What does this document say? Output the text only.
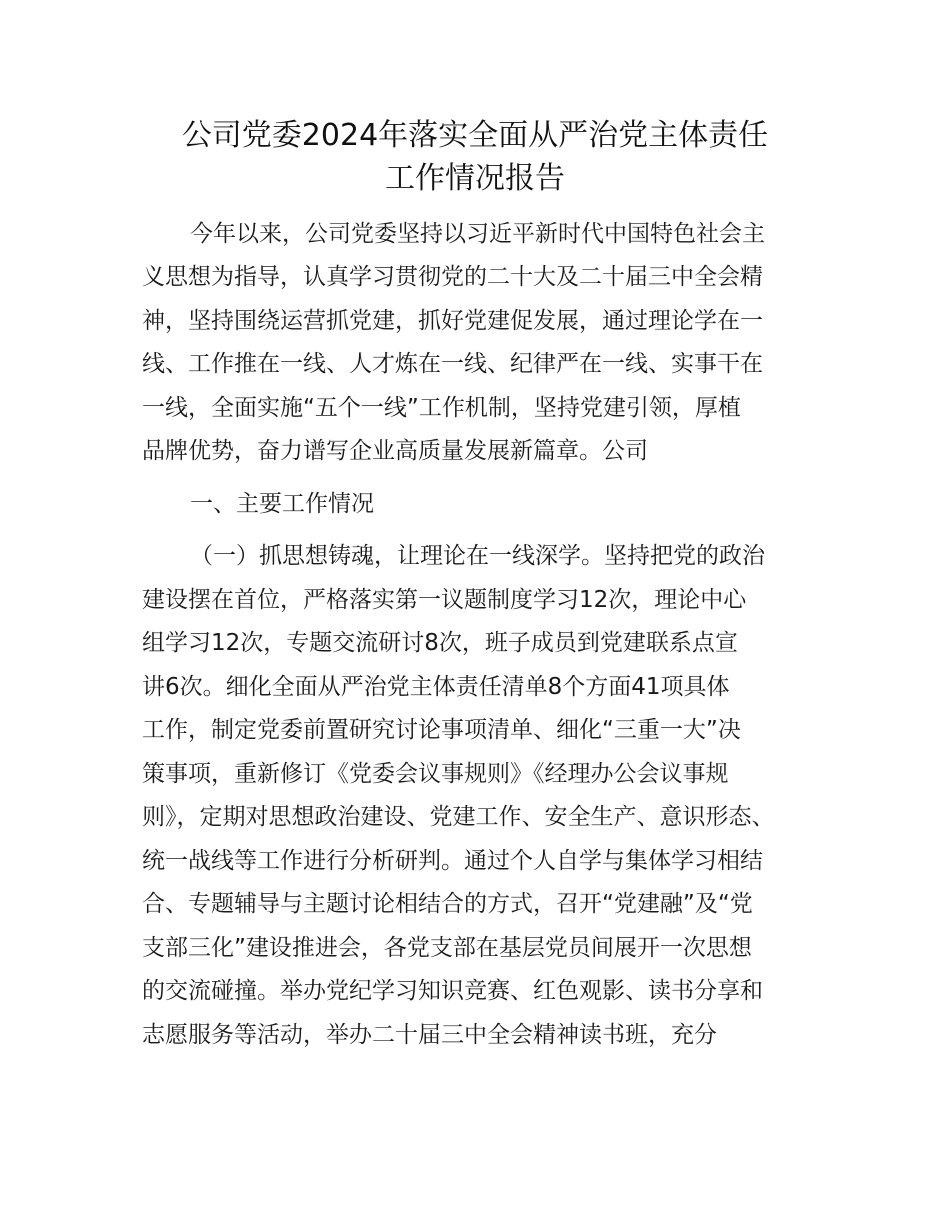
公司党委2024年落实全面从严治党主体责任
工作情况报告

今年以来，公司党委坚持以习近平新时代中国特色社会主

义思想为指导，认真学习贯彻党的二十大及二十届三中全会精

神，坚持围绕运营抓党建，抓好党建促发展，通过理论学在一

线、工作推在一线、人才炼在一线、纪律严在一线、实事干在

一线，全面实施“五个一线”工作机制，坚持党建引领，厚植

品牌优势，奋力谱写企业高质量发展新篇章。公司

一、主要工作情况

（一）抓思想铸魂，让理论在一线深学。坚持把党的政治

建设摆在首位，严格落实第一议题制度学习12次，理论中心

组学习12次，专题交流研讨8次，班子成员到党建联系点宣

讲6次。细化全面从严治党主体责任清单8个方面41项具体

工作，制定党委前置研究讨论事项清单、细化“三重一大”决

策事项，重新修订《党委会议事规则》《经理办公会议事规

则》，定期对思想政治建设、党建工作、安全生产、意识形态、

统一战线等工作进行分析研判。通过个人自学与集体学习相结

合、专题辅导与主题讨论相结合的方式，召开“党建融”及“党

支部三化”建设推进会，各党支部在基层党员间展开一次思想

的交流碰撞。举办党纪学习知识竞赛、红色观影、读书分享和

志愿服务等活动，举办二十届三中全会精神读书班，充分
